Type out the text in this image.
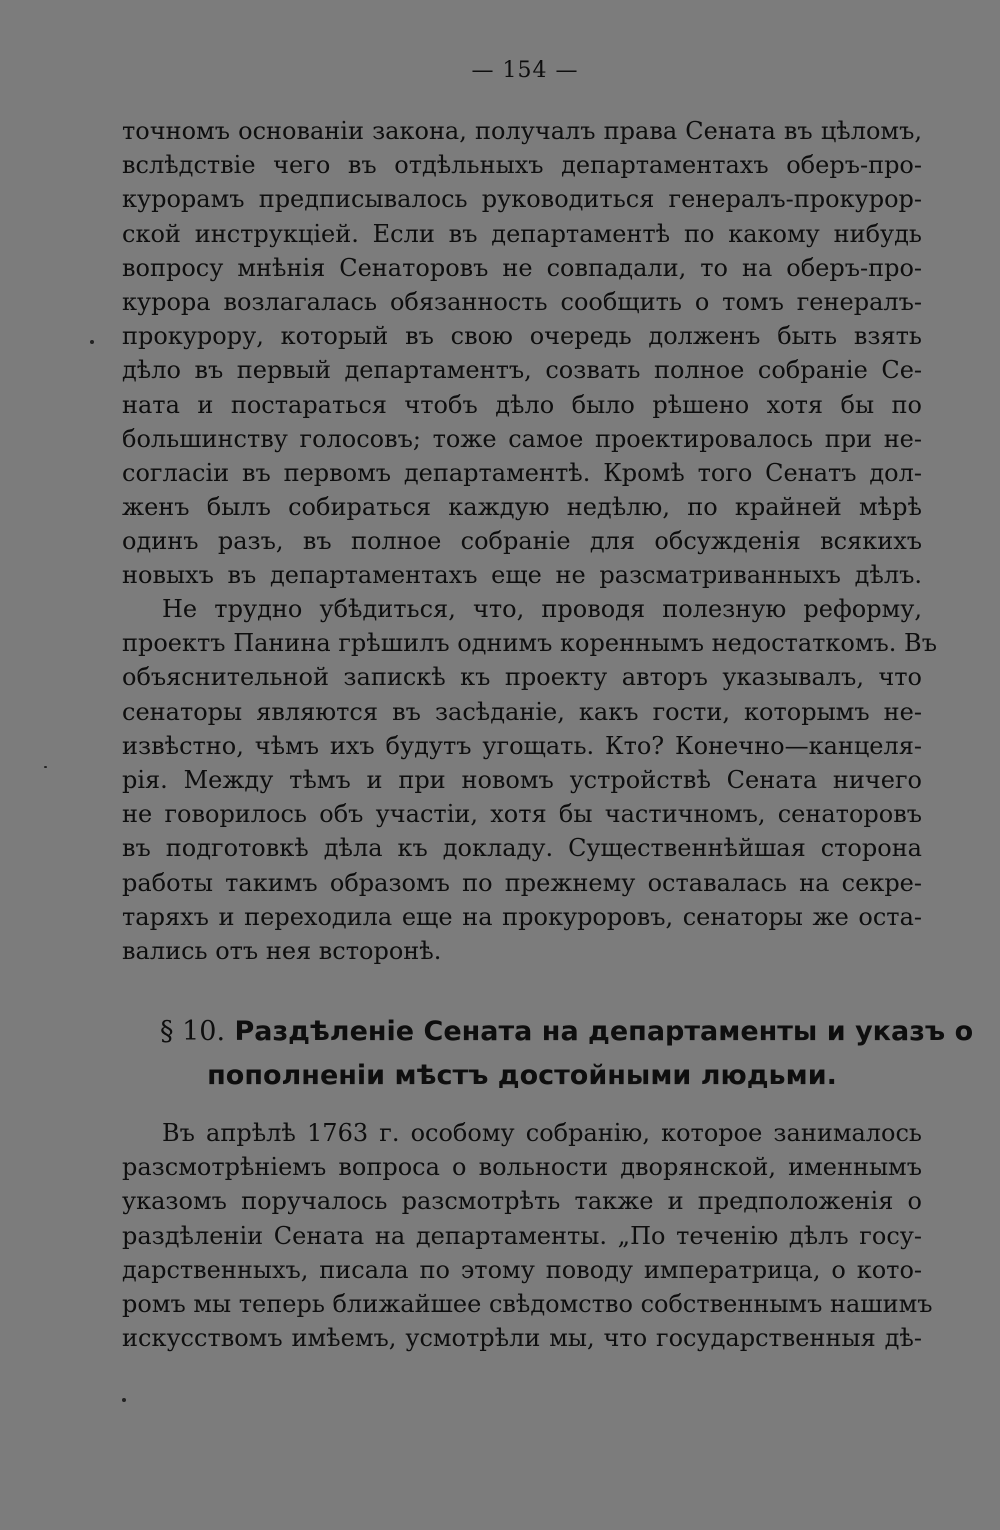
— 154 —
точномъ основанiи закона, получалъ права Сената въ цѣломъ,
вслѣдствiе чего въ отдѣльныхъ департаментахъ оберъ-про-
курорамъ предписывалось руководиться генералъ-прокурор-
ской инструкцiей. Если въ департаментѣ по какому нибудь
вопросу мнѣнiя Сенаторовъ не совпадали, то на оберъ-про-
курора возлагалась обязанность сообщить о томъ генералъ-
прокурору, который въ свою очередь долженъ быть взять
дѣло въ первый департаментъ, созвать полное собранiе Се-
ната и постараться чтобъ дѣло было рѣшено хотя бы по
большинству голосовъ; тоже самое проектировалось при не-
согласiи въ первомъ департаментѣ. Кромѣ того Сенатъ дол-
женъ былъ собираться каждую недѣлю, по крайней мѣрѣ
одинъ разъ, въ полное собранiе для обсужденiя всякихъ
новыхъ въ департаментахъ еще не разсматриванныхъ дѣлъ.
Не трудно убѣдиться, что, проводя полезную реформу,
проектъ Панина грѣшилъ однимъ кореннымъ недостаткомъ. Въ
объяснительной запискѣ къ проекту авторъ указывалъ, что
сенаторы являются въ засѣданiе, какъ гости, которымъ не-
извѣстно, чѣмъ ихъ будутъ угощать. Кто? Конечно—канцеля-
рiя. Между тѣмъ и при новомъ устройствѣ Сената ничего
не говорилось объ участiи, хотя бы частичномъ, сенаторовъ
въ подготовкѣ дѣла къ докладу. Существеннѣйшая сторона
работы такимъ образомъ по прежнему оставалась на секре-
таряхъ и переходила еще на прокуроровъ, сенаторы же оста-
вались отъ нея всторонѣ.
§ 10. Раздѣленiе Сената на департаменты и указъ о
пополненiи мѣстъ достойными людьми.
Въ апрѣлѣ 1763 г. особому собранiю, которое занималось
разсмотрѣнiемъ вопроса о вольности дворянской, именнымъ
указомъ поручалось разсмотрѣть также и предположенiя о
раздѣленiи Сената на департаменты. „По теченiю дѣлъ госу-
дарственныхъ, писала по этому поводу императрица, о кото-
ромъ мы теперь ближайшее свѣдомство собственнымъ нашимъ
искусствомъ имѣемъ, усмотрѣли мы, что государственныя дѣ-
